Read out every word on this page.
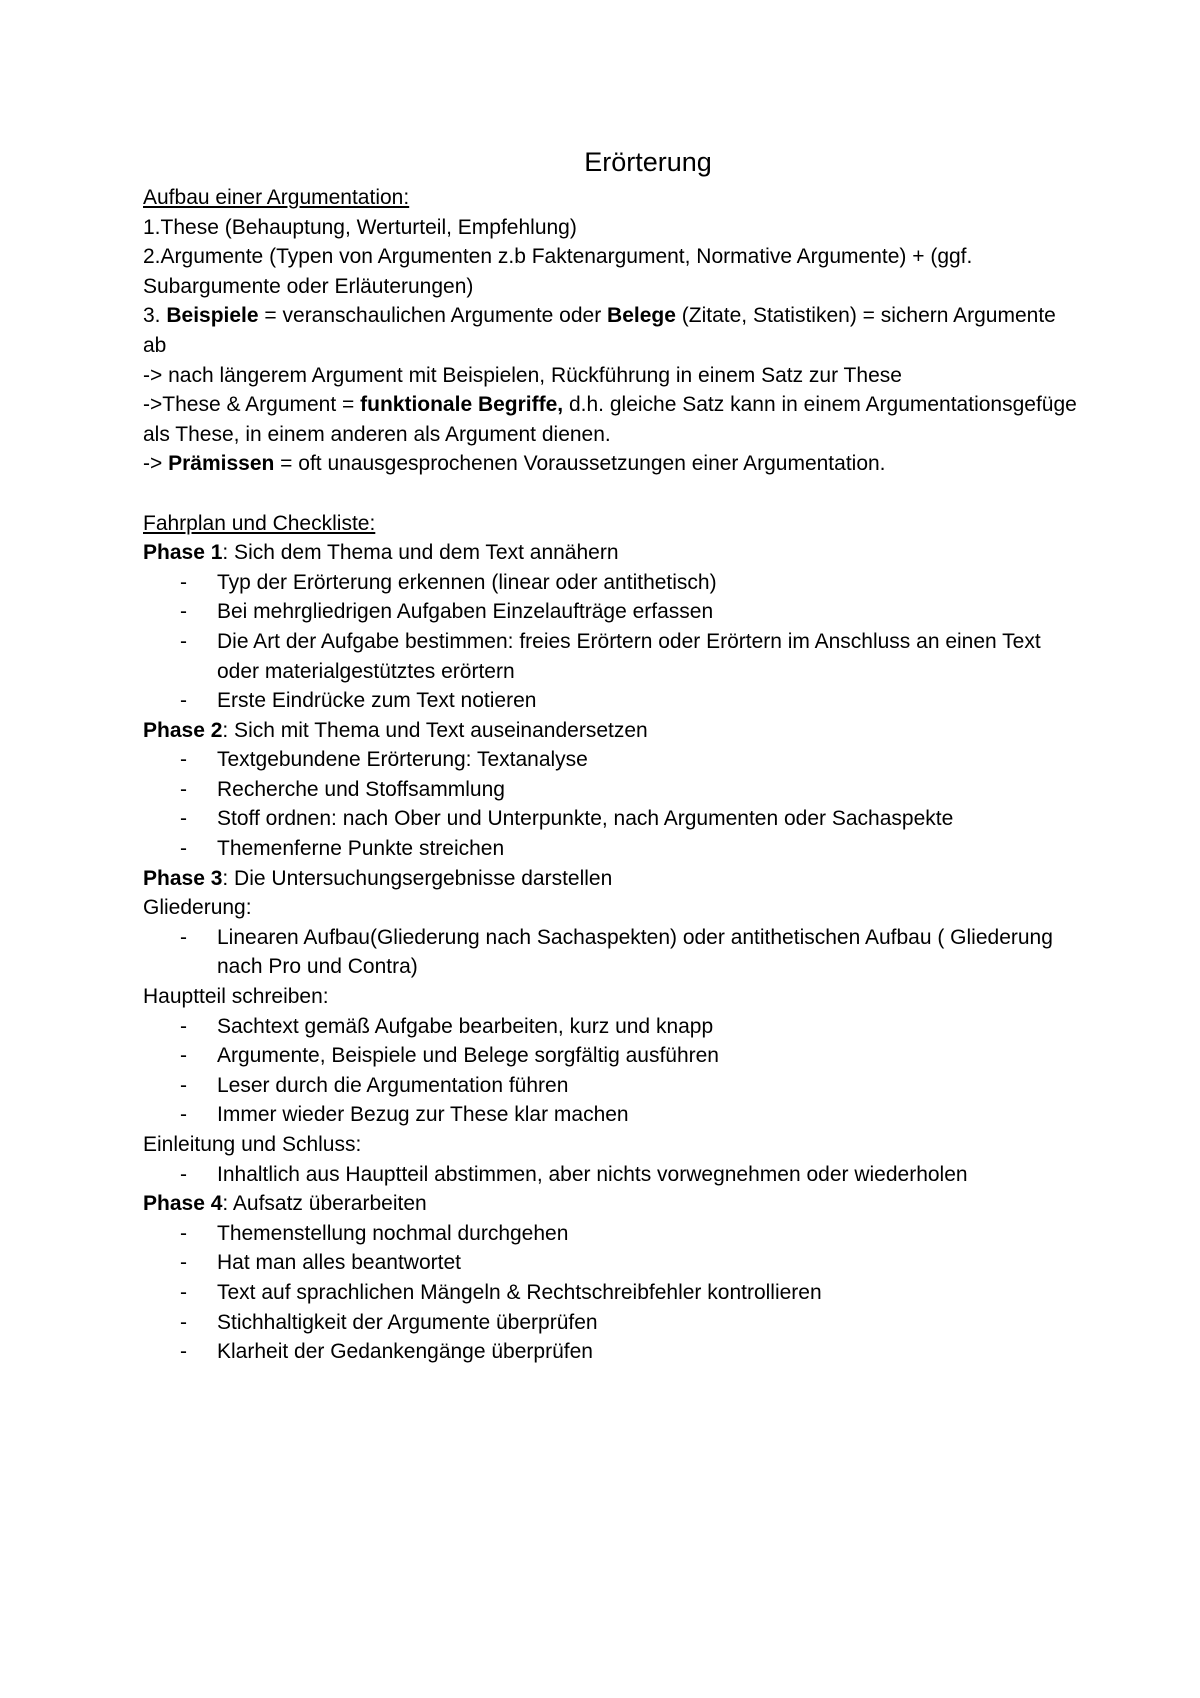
Erörterung

Aufbau einer Argumentation:

1.These (Behauptung, Werturteil, Empfehlung)

2.Argumente (Typen von Argumenten z.b Faktenargument, Normative Argumente) + (ggf. Subargumente oder Erläuterungen)

3. Beispiele = veranschaulichen Argumente oder Belege (Zitate, Statistiken) = sichern Argumente ab

-> nach längerem Argument mit Beispielen, Rückführung in einem Satz zur These

->These & Argument = funktionale Begriffe, d.h. gleiche Satz kann in einem Argumentationsgefüge als These, in einem anderen als Argument dienen.

-> Prämissen = oft unausgesprochenen Voraussetzungen einer Argumentation.

Fahrplan und Checkliste:

Phase 1: Sich dem Thema und dem Text annähern

- Typ der Erörterung erkennen (linear oder antithetisch)
- Bei mehrgliedrigen Aufgaben Einzelaufträge erfassen
- Die Art der Aufgabe bestimmen: freies Erörtern oder Erörtern im Anschluss an einen Text oder materialgestütztes erörtern
- Erste Eindrücke zum Text notieren

Phase 2: Sich mit Thema und Text auseinandersetzen

- Textgebundene Erörterung: Textanalyse
- Recherche und Stoffsammlung
- Stoff ordnen: nach Ober und Unterpunkte, nach Argumenten oder Sachaspekte
- Themenferne Punkte streichen

Phase 3: Die Untersuchungsergebnisse darstellen

Gliederung:

- Linearen Aufbau(Gliederung nach Sachaspekten) oder antithetischen Aufbau ( Gliederung nach Pro und Contra)

Hauptteil schreiben:

- Sachtext gemäß Aufgabe bearbeiten, kurz und knapp
- Argumente, Beispiele und Belege sorgfältig ausführen
- Leser durch die Argumentation führen
- Immer wieder Bezug zur These klar machen

Einleitung und Schluss:

- Inhaltlich aus Hauptteil abstimmen, aber nichts vorwegnehmen oder wiederholen

Phase 4: Aufsatz überarbeiten

- Themenstellung nochmal durchgehen
- Hat man alles beantwortet
- Text auf sprachlichen Mängeln & Rechtschreibfehler kontrollieren
- Stichhaltigkeit der Argumente überprüfen
- Klarheit der Gedankengänge überprüfen
